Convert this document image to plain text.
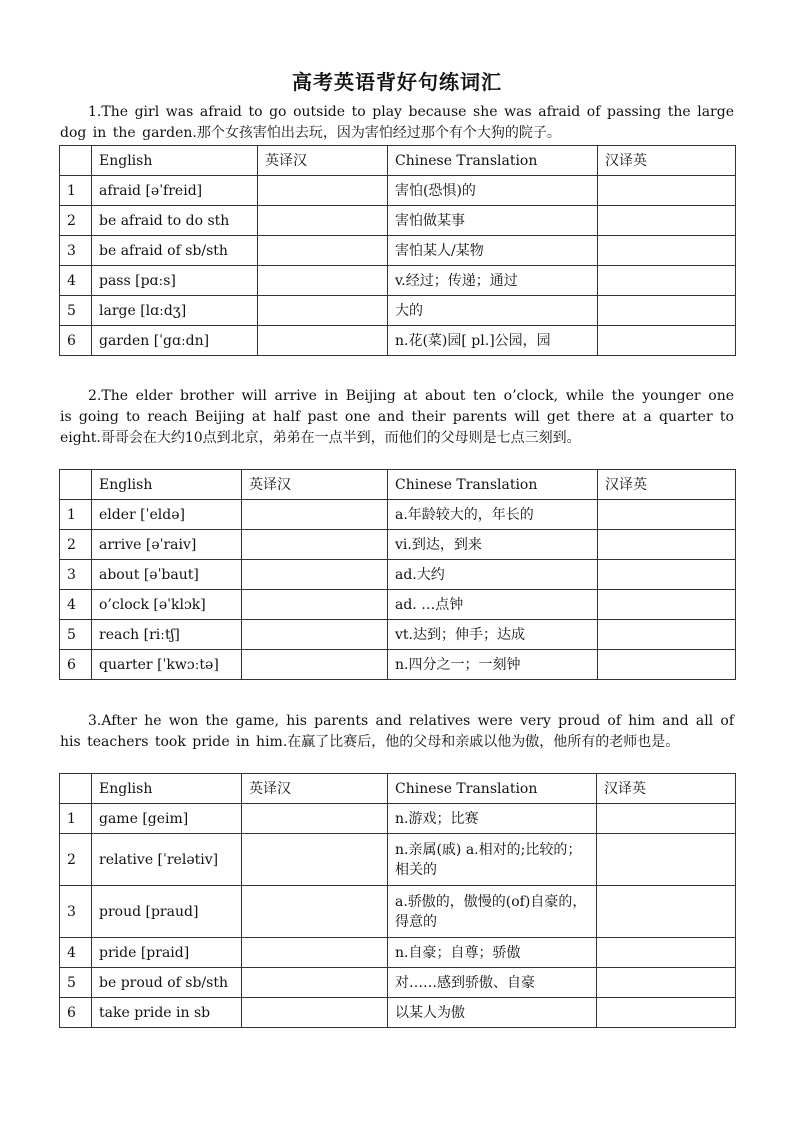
高考英语背好句练词汇
1.The girl was afraid to go outside to play because she was afraid of passing the large dog in the garden.那个女孩害怕出去玩，因为害怕经过那个有个大狗的院子。
	English	英译汉	Chinese Translation	汉译英
1	afraid [əˈfreid]		害怕(恐惧)的	
2	be afraid to do sth		害怕做某事	
3	be afraid of sb/sth		害怕某人/某物	
4	pass [pɑːs]		v.经过；传递；通过	
5	large [lɑːdʒ]		大的	
6	garden [ˈgɑːdn]		n.花(菜)园[ pl.]公园，园	
2.The elder brother will arrive in Beijing at about ten o’clock, while the younger one is going to reach Beijing at half past one and their parents will get there at a quarter to eight.哥哥会在大约10点到北京，弟弟在一点半到，而他们的父母则是七点三刻到。
	English	英译汉	Chinese Translation	汉译英
1	elder [ˈeldə]		a.年龄较大的，年长的	
2	arrive [əˈraiv]		vi.到达，到来	
3	about [əˈbaut]		ad.大约	
4	o’clock [əˈklɔk]		ad. …点钟	
5	reach [riːtʃ]		vt.达到；伸手；达成	
6	quarter [ˈkwɔːtə]		n.四分之一；一刻钟	
3.After he won the game, his parents and relatives were very proud of him and all of his teachers took pride in him.在赢了比赛后，他的父母和亲戚以他为傲，他所有的老师也是。
	English	英译汉	Chinese Translation	汉译英
1	game [geim]		n.游戏；比赛	
2	relative [ˈrelətiv]		n.亲属(戚) a.相对的;比较的；相关的	
3	proud [praud]		a.骄傲的，傲慢的(of)自豪的，得意的	
4	pride [praid]		n.自豪；自尊；骄傲	
5	be proud of sb/sth		对……感到骄傲、自豪	
6	take pride in sb		以某人为傲	
